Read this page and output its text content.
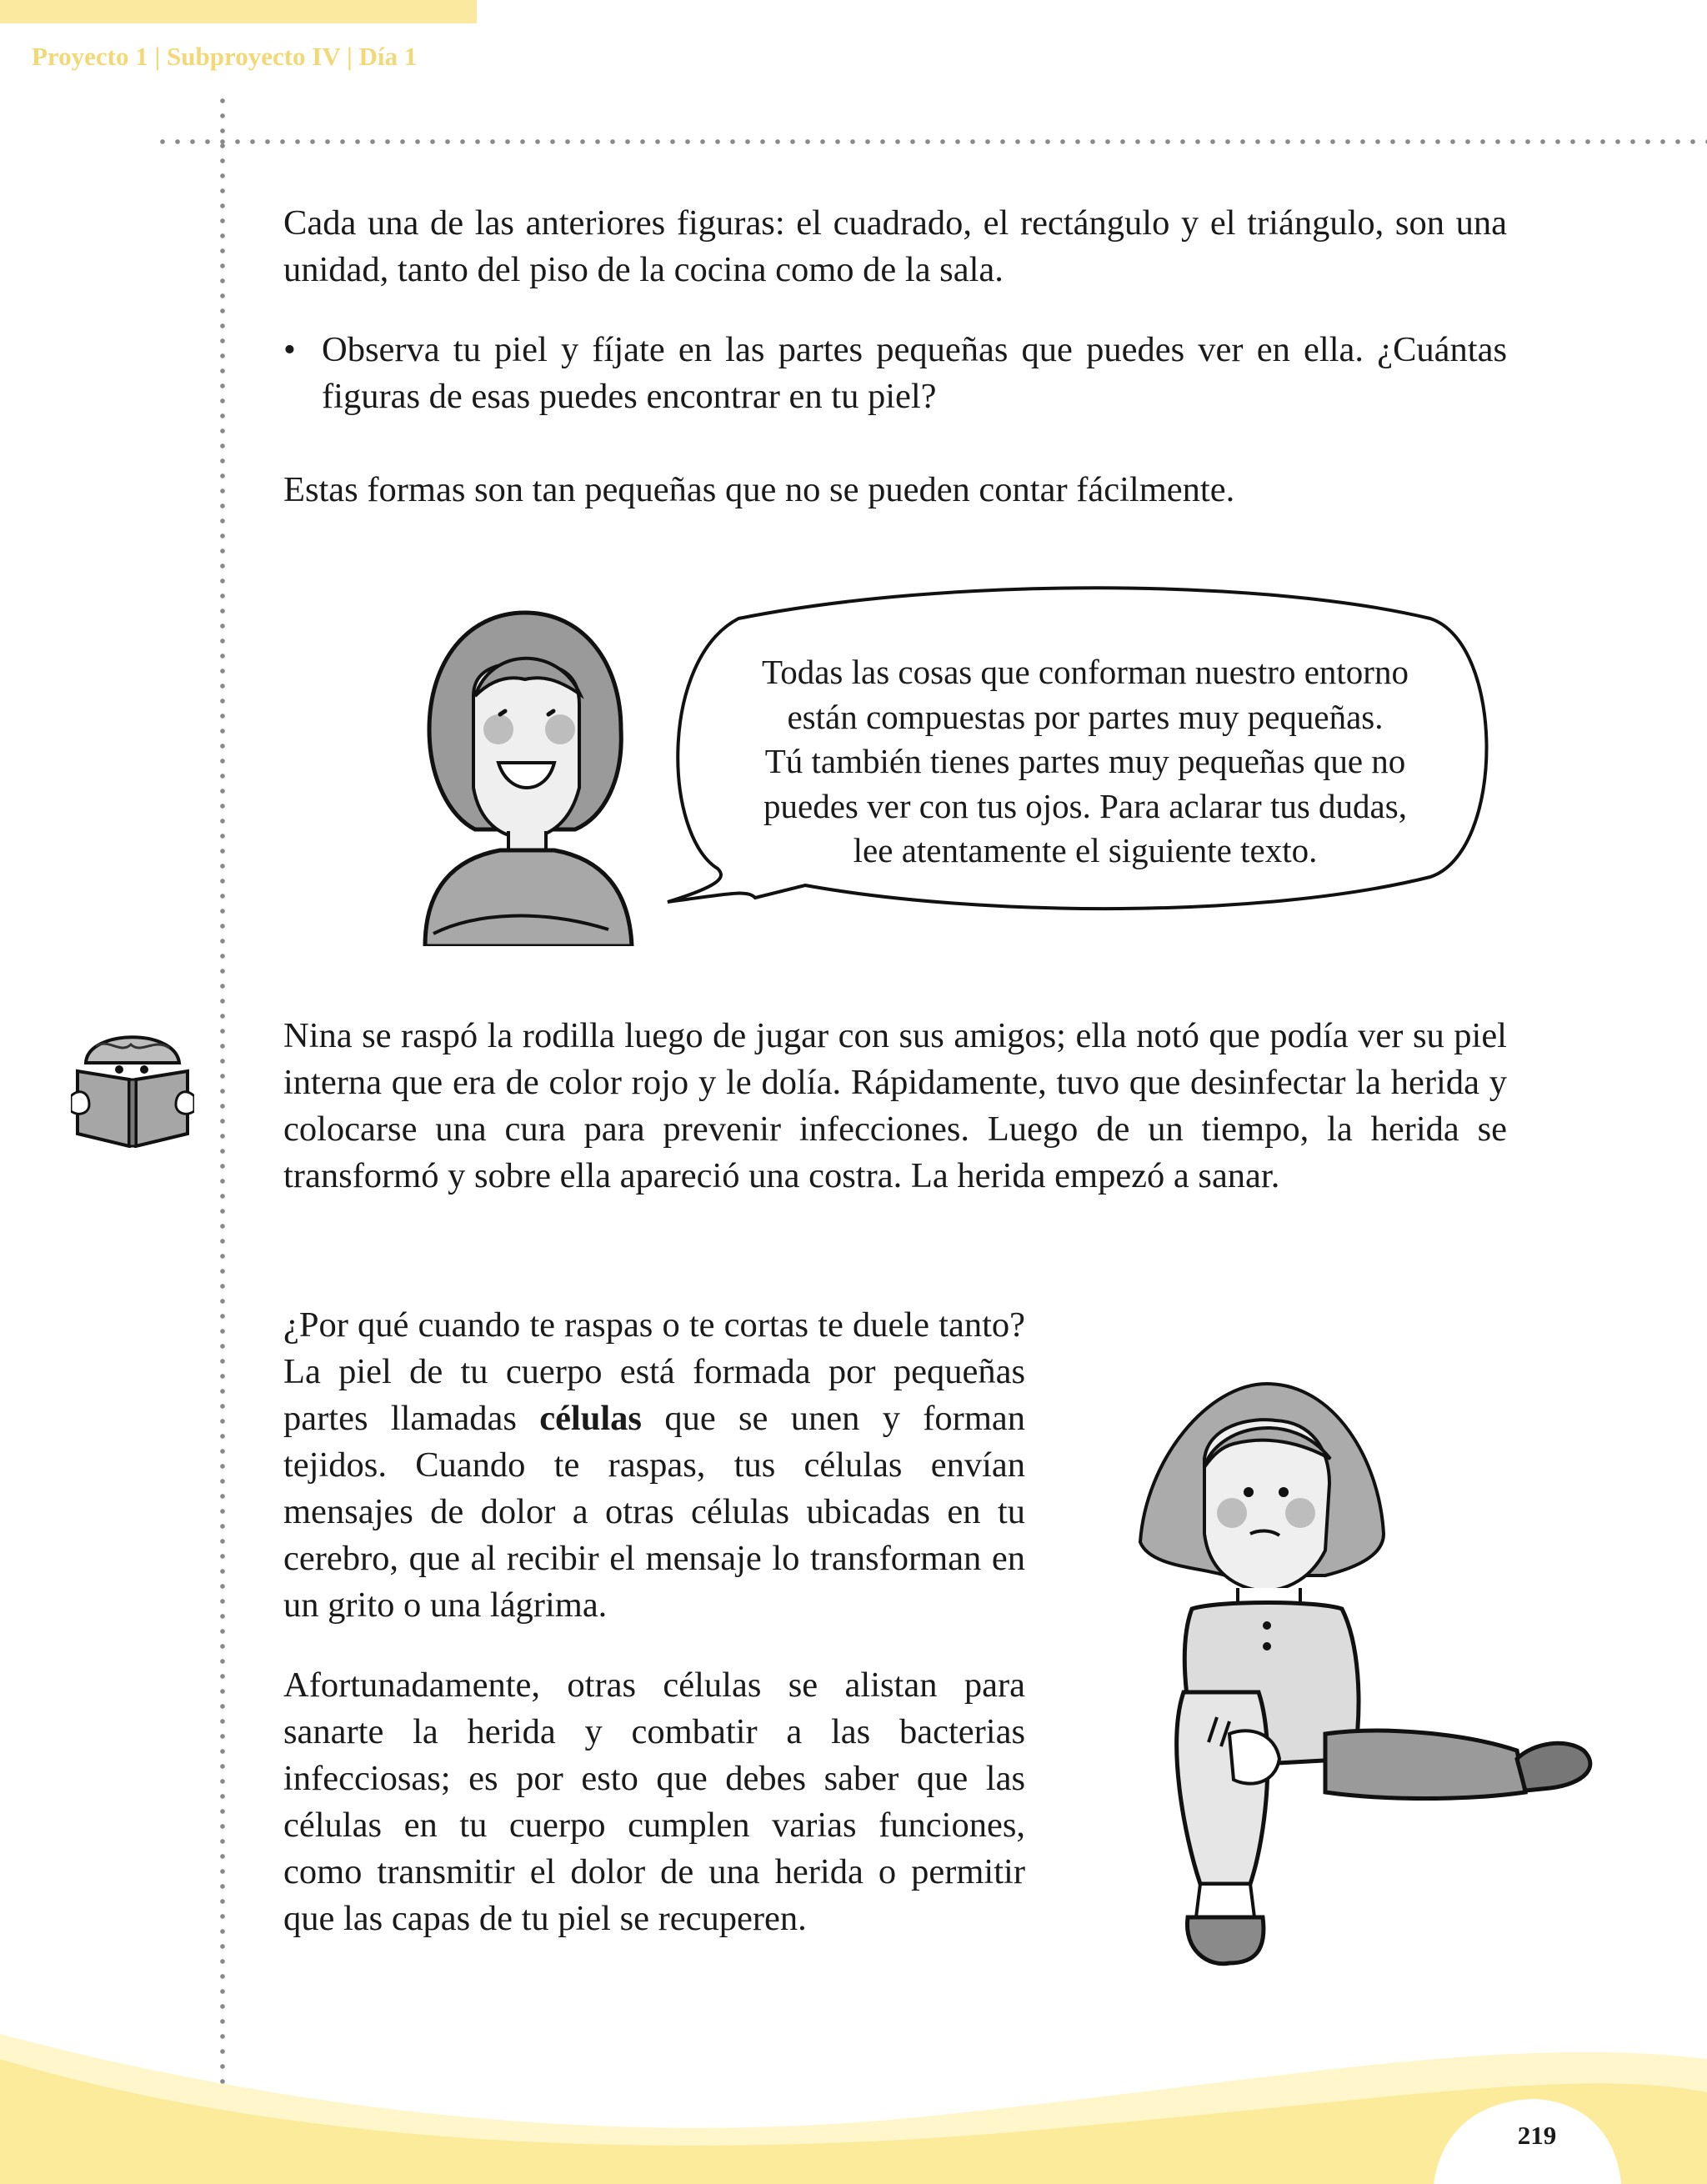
Proyecto 1 | Subproyecto IV | Día 1

Cada una de las anteriores figuras: el cuadrado, el rectángulo y el triángulo, son una unidad, tanto del piso de la cocina como de la sala.

• Observa tu piel y fíjate en las partes pequeñas que puedes ver en ella. ¿Cuántas figuras de esas puedes encontrar en tu piel?

Estas formas son tan pequeñas que no se pueden contar fácilmente.

Todas las cosas que conforman nuestro entorno
están compuestas por partes muy pequeñas.
Tú también tienes partes muy pequeñas que no
puedes ver con tus ojos. Para aclarar tus dudas,
lee atentamente el siguiente texto.

Nina se raspó la rodilla luego de jugar con sus amigos; ella notó que podía ver su piel interna que era de color rojo y le dolía. Rápidamente, tuvo que desinfectar la herida y colocarse una cura para prevenir infecciones. Luego de un tiempo, la herida se transformó y sobre ella apareció una costra. La herida empezó a sanar.

¿Por qué cuando te raspas o te cortas te duele tanto? La piel de tu cuerpo está formada por pequeñas partes llamadas células que se unen y forman tejidos. Cuando te raspas, tus células envían mensajes de dolor a otras células ubicadas en tu cerebro, que al recibir el mensaje lo transforman en un grito o una lágrima.

Afortunadamente, otras células se alistan para sanarte la herida y combatir a las bacterias infecciosas; es por esto que debes saber que las células en tu cuerpo cumplen varias funciones, como transmitir el dolor de una herida o permitir que las capas de tu piel se recuperen.

219
